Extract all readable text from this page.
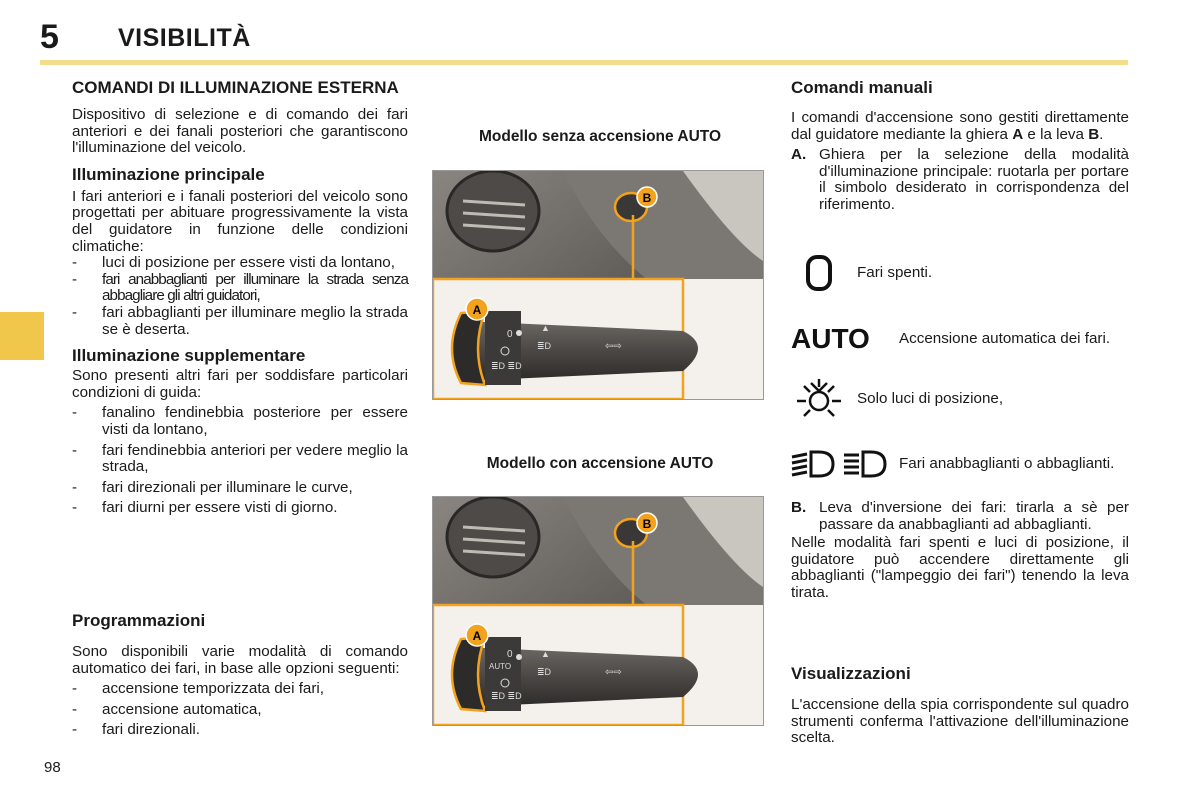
5 VISIBILITÀ
98
COMANDI DI ILLUMINAZIONE ESTERNA
Dispositivo di selezione e di comando dei fari anteriori e dei fanali posteriori che garantiscono l'illuminazione del veicolo.
Illuminazione principale
I fari anteriori e i fanali posteriori del veicolo sono progettati per abituare progressivamente la vista del guidatore in funzione delle condizioni climatiche:
- luci di posizione per essere visti da lontano,
- fari anabbaglianti per illuminare la strada senza abbagliare gli altri guidatori,
- fari abbaglianti per illuminare meglio la strada se è deserta.
Illuminazione supplementare
Sono presenti altri fari per soddisfare particolari condizioni di guida:
- fanalino fendinebbia posteriore per essere visti da lontano,
- fari fendinebbia anteriori per vedere meglio la strada,
- fari direzionali per illuminare le curve,
- fari diurni per essere visti di giorno.
Programmazioni
Sono disponibili varie modalità di comando automatico dei fari, in base alle opzioni seguenti:
- accensione temporizzata dei fari,
- accensione automatica,
- fari direzionali.
Modello senza accensione AUTO
B
0
≣D ≣D
A
▲
≣D	⇦⇨
Modello con accensione AUTO
B
0
AUTO
≣D ≣D
A
▲
≣D	⇦⇨
Comandi manuali
I comandi d'accensione sono gestiti direttamente dal guidatore mediante la ghiera A e la leva B.
A. Ghiera per la selezione della modalità d'illuminazione principale: ruotarla per portare il simbolo desiderato in corrispondenza del riferimento.
Fari spenti.
AUTO	Accensione automatica dei fari.
Solo luci di posizione,
Fari anabbaglianti o abbaglianti.
B. Leva d'inversione dei fari: tirarla a sè per passare da anabbaglianti ad abbaglianti.
Nelle modalità fari spenti e luci di posizione, il guidatore può accendere direttamente gli abbaglianti ("lampeggio dei fari") tenendo la leva tirata.
Visualizzazioni
L'accensione della spia corrispondente sul quadro strumenti conferma l'attivazione dell'illuminazione scelta.
